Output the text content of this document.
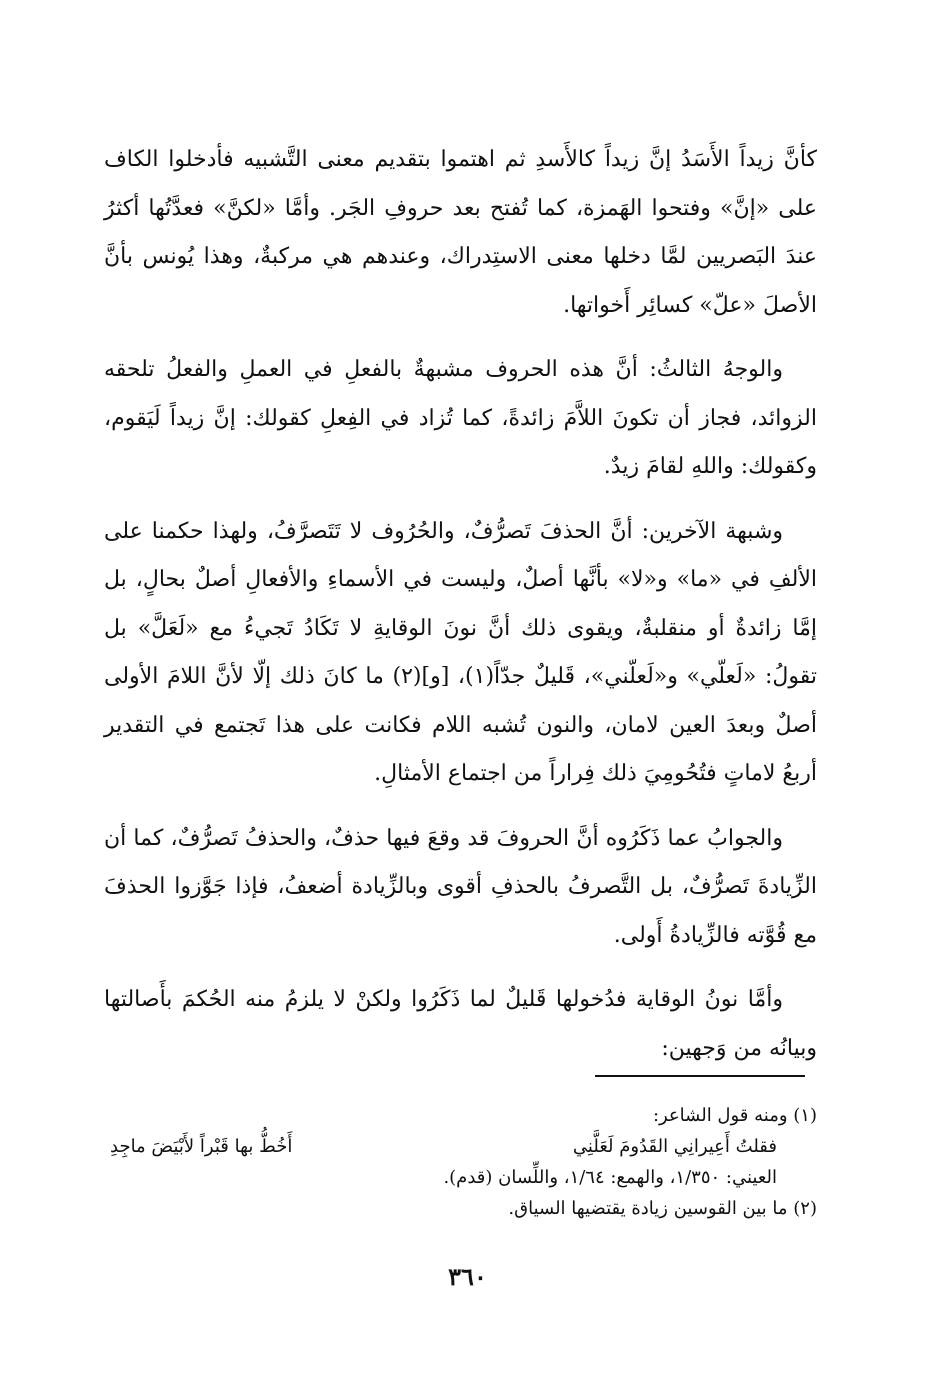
كأنَّ زيداً الأَسَدُ إنَّ زيداً كالأَسدِ ثم اهتموا بتقديم معنى التَّشبيه فأدخلوا الكاف على «إنَّ» وفتحوا الهَمزة، كما تُفتح بعد حروفِ الجَر. وأمَّا «لكنَّ» فعدَّتُها أكثرُ عندَ البَصريين لمَّا دخلها معنى الاستِدراك، وعندهم هي مركبةٌ، وهذا يُونس بأنَّ الأصلَ «علّ» كسائِر أَخواتها.

والوجهُ الثالثُ: أنَّ هذه الحروف مشبهةٌ بالفعلِ في العملِ والفعلُ تلحقه الزوائد، فجاز أن تكونَ اللاَّمَ زائدةً، كما تُزاد في الفِعلِ كقولك: إنَّ زيداً لَيَقوم، وكقولك: واللهِ لقامَ زيدٌ.

وشبهة الآخرين: أنَّ الحذفَ تَصرُّفٌ، والحُرُوف لا تَتَصرَّفُ، ولهذا حكمنا على الألفِ في «ما» و«لا» بأنَّها أصلٌ، وليست في الأسماءِ والأفعالِ أصلٌ بحالٍ، بل إمَّا زائدةٌ أو منقلبةٌ، ويقوى ذلك أنَّ نونَ الوقايةِ لا تَكَادُ تَجيءُ مع «لَعَلَّ» بل تقولُ: «لَعلّي» و«لَعلّني»، قَليلٌ جدّاً(١)، [و](٢) ما كانَ ذلك إلّا لأنَّ اللامَ الأولى أصلٌ وبعدَ العين لامان، والنون تُشبه اللام فكانت على هذا تَجتمع في التقدير أربعُ لاماتٍ فتُحُومِيَ ذلك فِراراً من اجتماع الأمثالِ.

والجوابُ عما ذَكَرُوه أنَّ الحروفَ قد وقعَ فيها حذفٌ، والحذفُ تَصرُّفٌ، كما أن الزِّيادةَ تَصرُّفٌ، بل التَّصرفُ بالحذفِ أقوى وبالزِّيادة أضعفُ، فإذا جَوَّزوا الحذفَ مع قُوَّته فالزِّيادةُ أَولى.

وأمَّا نونُ الوقاية فدُخولها قَليلٌ لما ذَكَرُوا ولكنْ لا يلزمُ منه الحُكمَ بأَصالتها وبيانُه من وَجهين:

(١) ومنه قول الشاعر:

فقلتُ أَعِيرانِي القَدُومَ لَعَلَّنِي
أَخُطُّ بها قَبْراً لأَبْيَضَ ماجِدِ

العيني: ١/٣٥٠، والهمع: ١/٦٤، واللِّسان (قدم).

(٢) ما بين القوسين زيادة يقتضيها السياق.

٣٦٠
